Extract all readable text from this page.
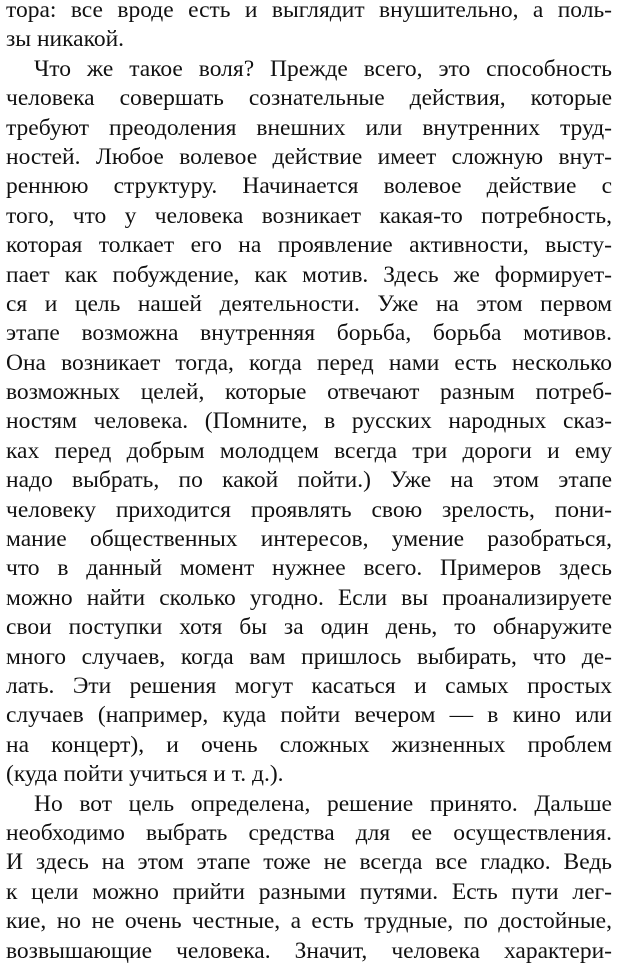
тора: все вроде есть и выглядит внушительно, а поль-
зы никакой.
Что же такое воля? Прежде всего, это способность
человека совершать сознательные действия, которые
требуют преодоления внешних или внутренних труд-
ностей. Любое волевое действие имеет сложную внут-
реннюю структуру. Начинается волевое действие с
того, что у человека возникает какая-то потребность,
которая толкает его на проявление активности, высту-
пает как побуждение, как мотив. Здесь же формирует-
ся и цель нашей деятельности. Уже на этом первом
этапе возможна внутренняя борьба, борьба мотивов.
Она возникает тогда, когда перед нами есть несколько
возможных целей, которые отвечают разным потреб-
ностям человека. (Помните, в русских народных сказ-
ках перед добрым молодцем всегда три дороги и ему
надо выбрать, по какой пойти.) Уже на этом этапе
человеку приходится проявлять свою зрелость, пони-
мание общественных интересов, умение разобраться,
что в данный момент нужнее всего. Примеров здесь
можно найти сколько угодно. Если вы проанализируете
свои поступки хотя бы за один день, то обнаружите
много случаев, когда вам пришлось выбирать, что де-
лать. Эти решения могут касаться и самых простых
случаев (например, куда пойти вечером — в кино или
на концерт), и очень сложных жизненных проблем
(куда пойти учиться и т. д.).
Но вот цель определена, решение принято. Дальше
необходимо выбрать средства для ее осуществления.
И здесь на этом этапе тоже не всегда все гладко. Ведь
к цели можно прийти разными путями. Есть пути лег-
кие, но не очень честные, а есть трудные, по достойные,
возвышающие человека. Значит, человека характери-
